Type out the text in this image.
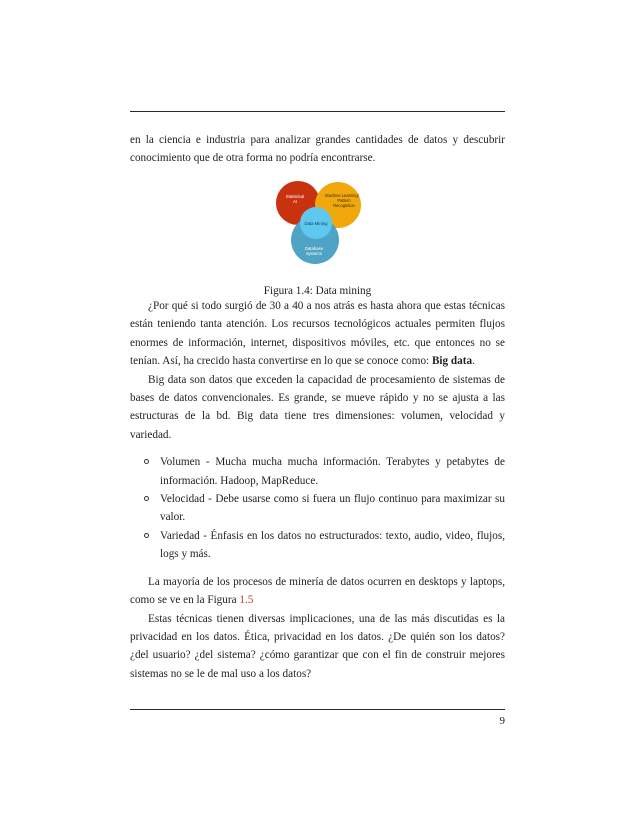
en la ciencia e industria para analizar grandes cantidades de datos y descubrir conocimiento que de otra forma no podría encontrarse.

Statistical
AI
Machine Learning/
Pattern
Recognition
Data Mining
Database
systems
Figura 1.4: Data mining

¿Por qué si todo surgió de 30 a 40 a nos atrás es hasta ahora que estas técnicas están teniendo tanta atención. Los recursos tecnológicos actuales permiten flujos enormes de información, internet, dispositivos móviles, etc. que entonces no se tenían. Así, ha crecido hasta convertirse en lo que se conoce como: Big data.

Big data son datos que exceden la capacidad de procesamiento de sistemas de bases de datos convencionales. Es grande, se mueve rápido y no se ajusta a las estructuras de la bd. Big data tiene tres dimensiones: volumen, velocidad y variedad.

Volumen - Mucha mucha mucha información. Terabytes y petabytes de información. Hadoop, MapReduce.
Velocidad - Debe usarse como si fuera un flujo continuo para maximizar su valor.
Variedad - Énfasis en los datos no estructurados: texto, audio, video, flujos, logs y más.

La mayoría de los procesos de minería de datos ocurren en desktops y laptops, como se ve en la Figura 1.5

Estas técnicas tienen diversas implicaciones, una de las más discutidas es la privacidad en los datos. Ética, privacidad en los datos. ¿De quién son los datos? ¿del usuario? ¿del sistema? ¿cómo garantizar que con el fin de construir mejores sistemas no se le de mal uso a los datos?

9
